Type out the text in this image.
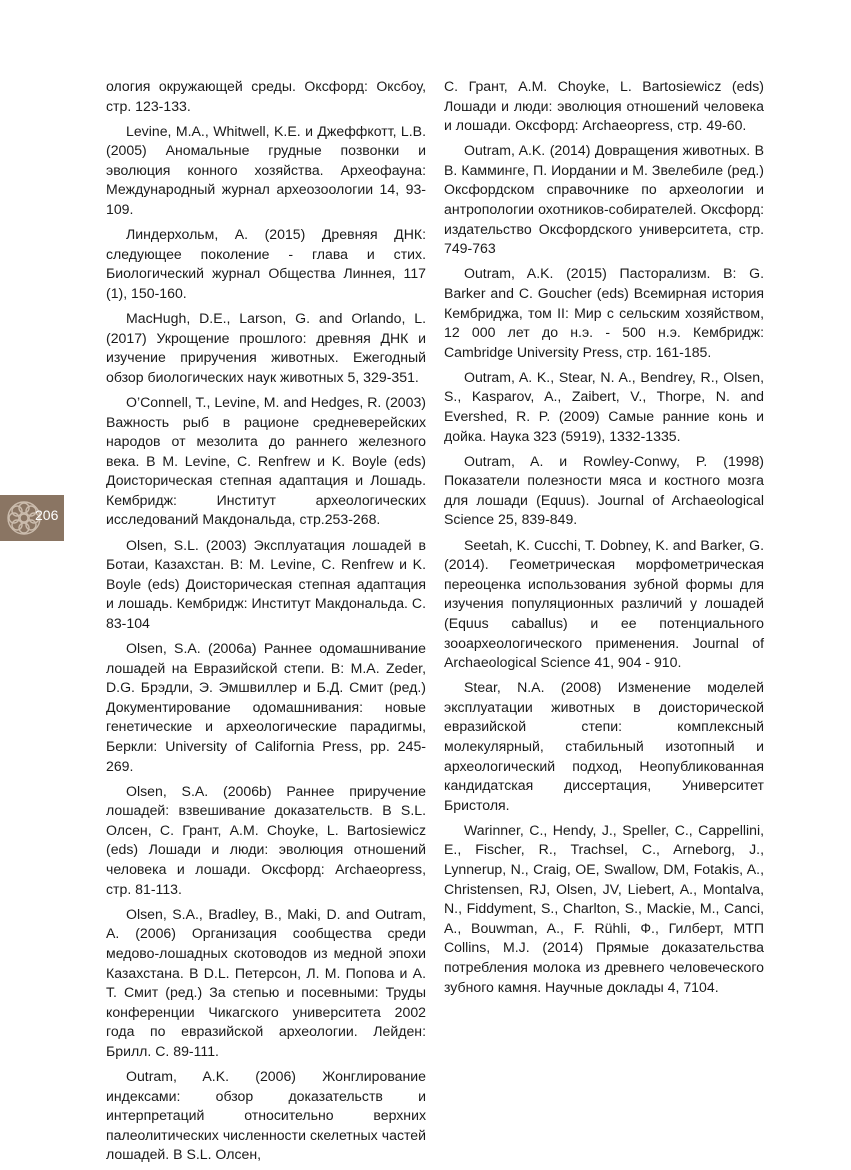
ология окружающей среды. Оксфорд: Оксбоу, стр. 123-133.

Levine, M.A., Whitwell, K.E. и Джеффкотт, L.B. (2005) Аномальные грудные позвонки и эволюция конного хозяйства. Археофауна: Международный журнал археозоологии 14, 93-109.

Линдерхольм, А. (2015) Древняя ДНК: следующее поколение - глава и стих. Биологический журнал Общества Линнея, 117 (1), 150-160.

MacHugh, D.E., Larson, G. and Orlando, L. (2017) Укрощение прошлого: древняя ДНК и изучение приручения животных. Ежегодный обзор биологических наук животных 5, 329-351.

O’Connell, T., Levine, M. and Hedges, R. (2003) Важность рыб в рационе средневерейских народов от мезолита до раннего железного века. В M. Levine, C. Renfrew и K. Boyle (eds) Доисторическая степная адаптация и Лошадь. Кембридж: Институт археологических исследований Макдональда, стр.253-268.

Olsen, S.L. (2003) Эксплуатация лошадей в Ботаи, Казахстан. В: M. Levine, C. Renfrew и K. Boyle (eds) Доисторическая степная адаптация и лошадь. Кембридж: Институт Макдональда. С. 83-104

Olsen, S.A. (2006a) Раннее одомашнивание лошадей на Евразийской степи. В: M.A. Zeder, D.G. Брэдли, Э. Эмшвиллер и Б.Д. Смит (ред.) Документирование одомашнивания: новые генетические и археологические парадигмы, Беркли: University of California Press, pp. 245-269.

Olsen, S.A. (2006b) Раннее приручение лошадей: взвешивание доказательств. В S.L. Олсен, C. Грант, A.M. Choyke, L. Bartosiewicz (eds) Лошади и люди: эволюция отношений человека и лошади. Оксфорд: Archaeopress, стр. 81-113.

Olsen, S.A., Bradley, B., Maki, D. and Outram, A. (2006) Организация сообщества среди медово-лошадных скотоводов из медной эпохи Казахстана. В D.L. Петерсон, Л. М. Попова и А. Т. Смит (ред.) За степью и посевными: Труды конференции Чикагского университета 2002 года по евразийской археологии. Лейден: Брилл. С. 89-111.

Outram, A.K. (2006) Жонглирование индексами: обзор доказательств и интерпретаций относительно верхних палеолитических численности скелетных частей лошадей. В S.L. Олсен,

C. Грант, A.M. Choyke, L. Bartosiewicz (eds) Лошади и люди: эволюция отношений человека и лошади. Оксфорд: Archaeopress, стр. 49-60.

Outram, A.K. (2014) Довращения животных. В В. Камминге, П. Иордании и М. Звелебиле (ред.) Оксфордском справочнике по археологии и антропологии охотников-собирателей. Оксфорд: издательство Оксфордского университета, стр. 749-763

Outram, A.K. (2015) Пасторализм. В: G. Barker and C. Goucher (eds) Всемирная история Кембриджа, том II: Мир с сельским хозяйством, 12 000 лет до н.э. - 500 н.э. Кембридж: Cambridge University Press, стр. 161-185.

Outram, A. K., Stear, N. A., Bendrey, R., Olsen, S., Kasparov, A., Zaibert, V., Thorpe, N. and Evershed, R. P. (2009) Самые ранние конь и дойка. Наука 323 (5919), 1332-1335.

Outram, A. и Rowley-Conwy, P. (1998) Показатели полезности мяса и костного мозга для лошади (Equus). Journal of Archaeological Science 25, 839-849.

Seetah, K. Cucchi, T. Dobney, K. and Barker, G. (2014). Геометрическая морфометрическая переоценка использования зубной формы для изучения популяционных различий у лошадей (Equus caballus) и ее потенциального зооархеологического применения. Journal of Archaeological Science 41, 904 - 910.

Stear, N.A. (2008) Изменение моделей эксплуатации животных в доисторической евразийской степи: комплексный молекулярный, стабильный изотопный и археологический подход, Неопубликованная кандидатская диссертация, Университет Бристоля.

Warinner, C., Hendy, J., Speller, C., Cappellini, E., Fischer, R., Trachsel, C., Arneborg, J., Lynnerup, N., Craig, OE, Swallow, DM, Fotakis, A., Christensen, RJ, Olsen, JV, Liebert, A., Montalva, N., Fiddyment, S., Charlton, S., Mackie, M., Canci, A., Bouwman, A., F. Rühli, Ф., Гилберт, МТП Collins, M.J. (2014) Прямые доказательства потребления молока из древнего человеческого зубного камня. Научные доклады 4, 7104.

206
